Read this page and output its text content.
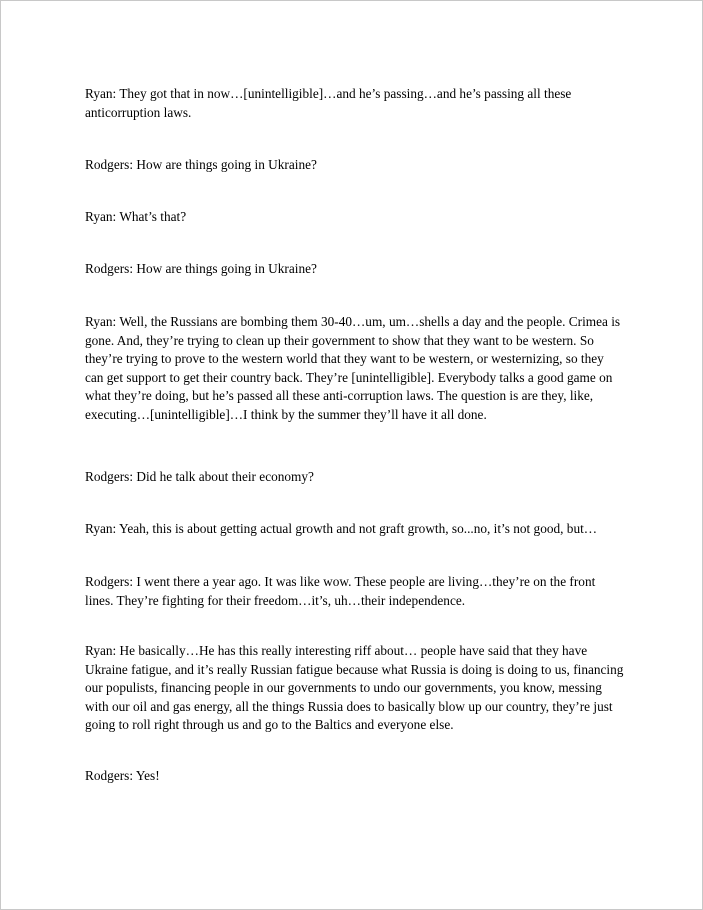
Ryan: They got that in now…[unintelligible]…and he’s passing…and he’s passing all these anticorruption laws.

Rodgers: How are things going in Ukraine?

Ryan: What’s that?

Rodgers: How are things going in Ukraine?

Ryan: Well, the Russians are bombing them 30-40…um, um…shells a day and the people. Crimea is gone. And, they’re trying to clean up their government to show that they want to be western. So they’re trying to prove to the western world that they want to be western, or westernizing, so they can get support to get their country back. They’re [unintelligible]. Everybody talks a good game on what they’re doing, but he’s passed all these anti-corruption laws. The question is are they, like, executing…[unintelligible]…I think by the summer they’ll have it all done.

Rodgers: Did he talk about their economy?

Ryan: Yeah, this is about getting actual growth and not graft growth, so...no, it’s not good, but…

Rodgers: I went there a year ago. It was like wow. These people are living…they’re on the front lines. They’re fighting for their freedom…it’s, uh…their independence.

Ryan: He basically…He has this really interesting riff about… people have said that they have Ukraine fatigue, and it’s really Russian fatigue because what Russia is doing is doing to us, financing our populists, financing people in our governments to undo our governments, you know, messing with our oil and gas energy, all the things Russia does to basically blow up our country, they’re just going to roll right through us and go to the Baltics and everyone else.

Rodgers: Yes!
